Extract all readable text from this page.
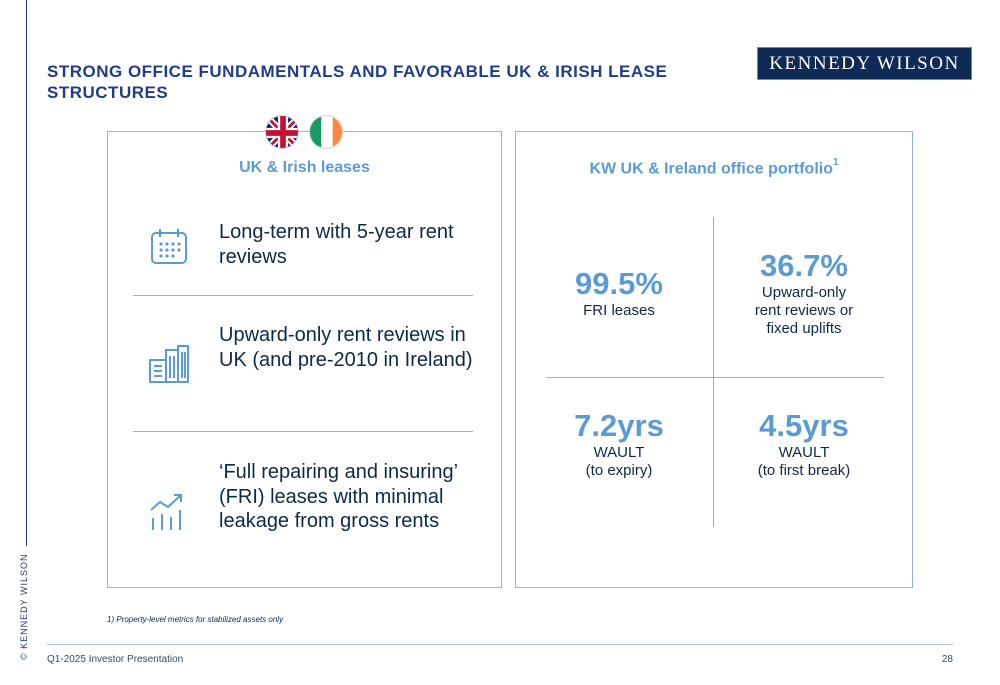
© KENNEDY WILSON
STRONG OFFICE FUNDAMENTALS AND FAVORABLE UK & IRISH LEASE STRUCTURES
KENNEDY WILSON
UK & Irish leases
Long-term with 5-year rent reviews
Upward-only rent reviews in UK (and pre-2010 in Ireland)
‘Full repairing and insuring’ (FRI) leases with minimal leakage from gross rents
KW UK & Ireland office portfolio$^1$
99.5%
FRI leases
36.7%
Upward-only
rent reviews or
fixed uplifts
7.2yrs
WAULT
(to expiry)
4.5yrs
WAULT
(to first break)
1) Property-level metrics for stabilized assets only
Q1-2025 Investor Presentation	28
